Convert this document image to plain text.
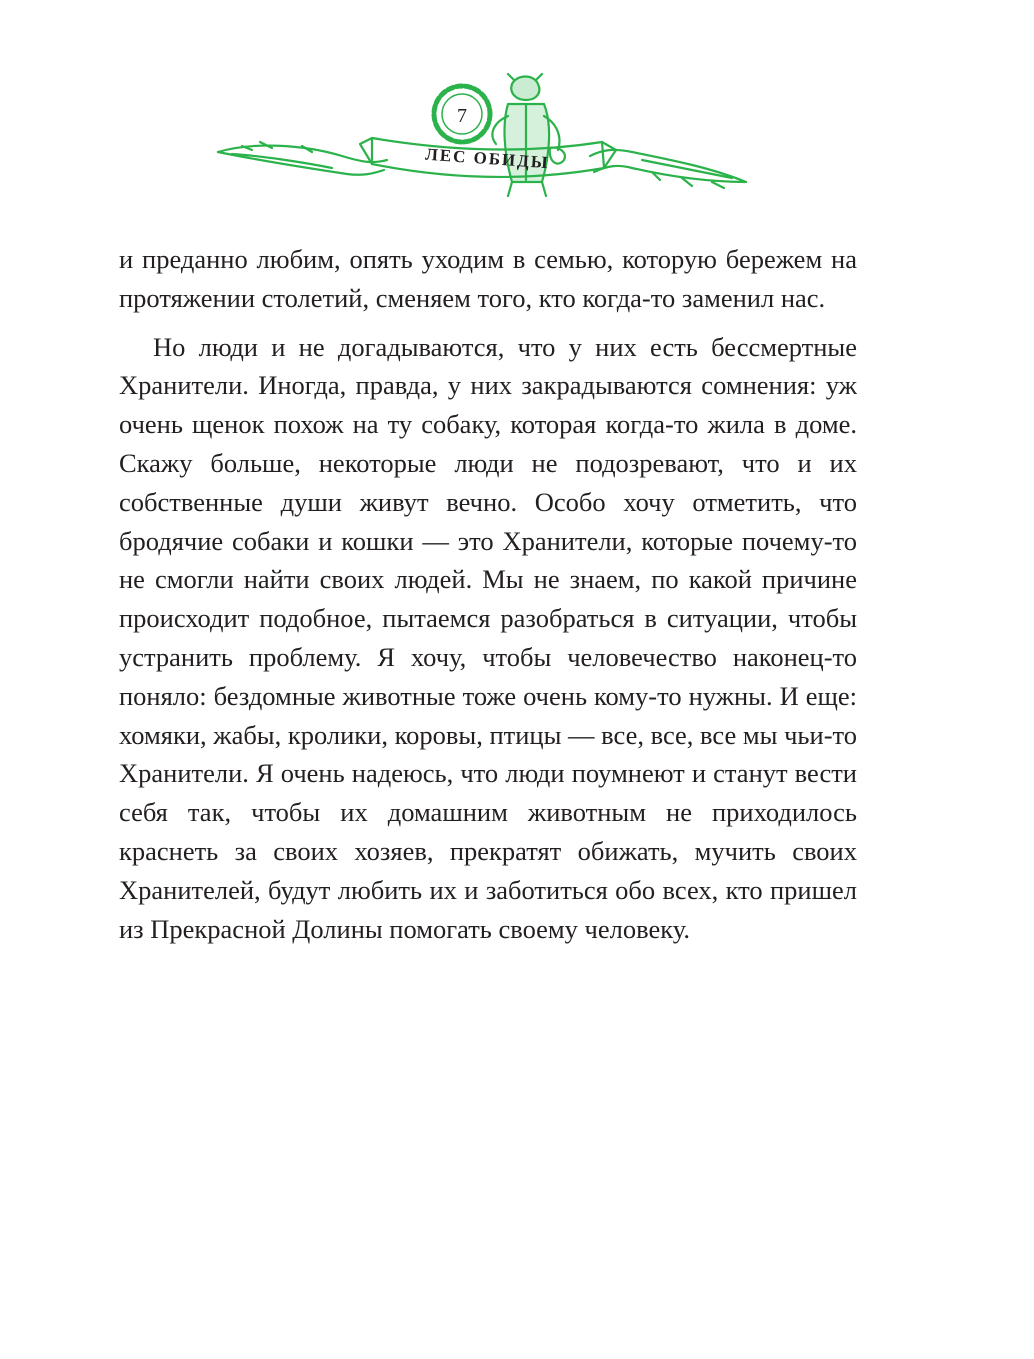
7
ЛЕС ОБИДЫ

и преданно любим, опять уходим в семью, которую бережем на протяжении столетий, сменяем того, кто когда-то заменил нас.

Но люди и не догадываются, что у них есть бессмертные Хранители. Иногда, правда, у них закрадываются сомнения: уж очень щенок похож на ту собаку, которая когда-то жила в доме. Скажу больше, некоторые люди не подозревают, что и их собственные души живут вечно. Особо хочу отметить, что бродячие собаки и кошки — это Хранители, которые почему-то не смогли найти своих людей. Мы не знаем, по какой причине происходит подобное, пытаемся разобраться в ситуации, чтобы устранить проблему. Я хочу, чтобы человечество наконец-то поняло: бездомные животные тоже очень кому-то нужны. И еще: хомяки, жабы, кролики, коровы, птицы — все, все, все мы чьи-то Хранители. Я очень надеюсь, что люди поумнеют и станут вести себя так, чтобы их домашним животным не приходилось краснеть за своих хозяев, прекратят обижать, мучить своих Хранителей, будут любить их и заботиться обо всех, кто пришел из Прекрасной Долины помогать своему человеку.
